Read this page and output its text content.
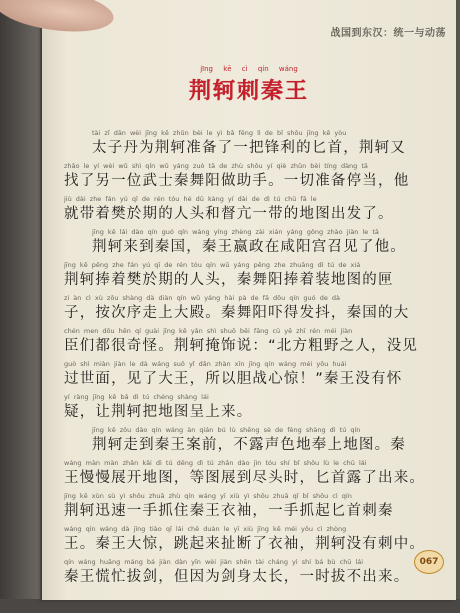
战国到东汉：统一与动荡
jīng kē cì qín wáng
荆轲刺秦王
tài zǐ dān wèi jīng kē zhǔn bèi le yì bǎ fēng lì de bǐ shǒu jīng kē yòu
太子丹为荆轲准备了一把锋利的匕首，荆轲又
zhǎo le yí wèi wǔ shì qín wǔ yáng zuò tā de zhù shǒu yí qiè zhǔn bèi tíng dàng tā
找了另一位武士秦舞阳做助手。一切准备停当，他
jiù dài zhe fán yú qī de rén tóu hé dū kàng yí dài de dì tú chū fā le
就带着樊於期的人头和督亢一带的地图出发了。
jīng kē lái dào qín guó qín wáng yíng zhèng zài xián yáng gōng zhào jiàn le tā
荆轲来到秦国，秦王嬴政在咸阳宫召见了他。
jīng kē pěng zhe fán yú qī de rén tóu qín wǔ yáng pěng zhe zhuāng dì tú de xiá
荆轲捧着樊於期的人头，秦舞阳捧着装地图的匣
zi àn cì xù zǒu shàng dà diàn qín wǔ yáng hài pà de fā dǒu qín guó de dà
子，按次序走上大殿。秦舞阳吓得发抖，秦国的大
chén men dōu hěn qí guài jīng kē yǎn shì shuō běi fāng cū yě zhī rén méi jiàn
臣们都很奇怪。荆轲掩饰说：“北方粗野之人，没见
guò shì miàn jiàn le dà wáng suǒ yǐ dǎn zhàn xīn jīng qín wáng méi yǒu huái
过世面，见了大王，所以胆战心惊！”秦王没有怀
yí ràng jīng kē bǎ dì tú chéng shàng lái
疑，让荆轲把地图呈上来。
jīng kē zǒu dào qín wáng àn qián bú lù shēng sè de fèng shàng dì tú qín
荆轲走到秦王案前，不露声色地奉上地图。秦
wáng màn màn zhǎn kāi dì tú děng dì tú zhǎn dào jìn tóu shí bǐ shǒu lù le chū lái
王慢慢展开地图，等图展到尽头时，匕首露了出来。
jīng kē xùn sù yì shǒu zhuā zhù qín wáng yī xiù yì shǒu zhuā qǐ bǐ shǒu cì qín
荆轲迅速一手抓住秦王衣袖，一手抓起匕首刺秦
wáng qín wáng dà jīng tiào qǐ lái chě duàn le yī xiù jīng kē méi yǒu cì zhòng
王。秦王大惊，跳起来扯断了衣袖，荆轲没有刺中。
qín wáng huāng máng bá jiàn dàn yīn wèi jiàn shēn tài cháng yì shí bá bù chū lái
秦王慌忙拔剑，但因为剑身太长，一时拔不出来。
067
